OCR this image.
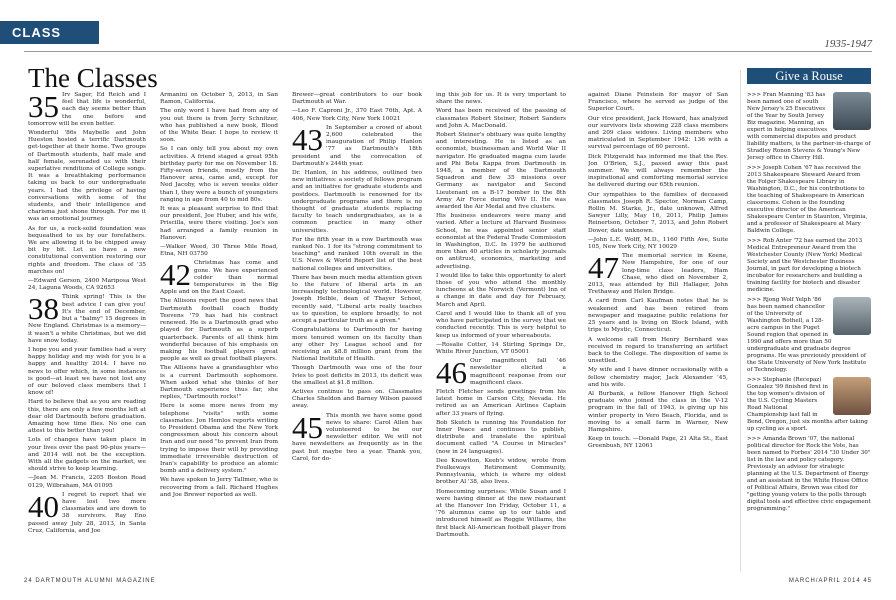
CLASS NOTES
1935-1947
The Classes

35 Irv Sager, Ed Reich and I feel that life is wonderful, each day seems better than the one before and tomorrow will be even better.

Wonderful '86s Maybelle and John Hueston hosted a terrific Dartmouth get-together at their home. Two groups of Dartmouth students, half male and half female, serenaded us with their superlative renditions of College songs. It was a breathtaking performance taking us back to our undergraduate years. I had the privilege of having conversations with some of the students, and their intelligence and charisma just shone through. For me it was an emotional journey.

As for us, a rock-solid foundation was bequeathed to us by our forefathers. We are allowing it to be chipped away bit by bit. Let us have a new constitutional convention restoring our rights and freedom. The class of '35 marches on!

—Edward Gerson, 2400 Mariposa West 24, Laguna Woods, CA 92653

38 Think spring! This is the best advice I can give you! It's the end of December, but a "balmy" 15 degrees in New England. Christmas is a memory—it wasn't a white Christmas, but we did have snow today.

I hope you and your families had a very happy holiday and my wish for you is a happy and healthy 2014. I have no news to offer which, in some instances is good—at least we have not lost any of our beloved class members that I know of!

Hard to believe that as you are reading this, there are only a few months left at dear old Dartmouth before graduation. Amazing how time flies. No one can attest to this better than you!

Lots of changes have taken place in your lives over the past 90-plus years—and 2014 will not be the exception. With all the gadgets on the market, we should strive to keep learning.

—Jean M. Francis, 2205 Boston Road 0129, Wilbraham, MA 01095

40 I regret to report that we have lost two more classmates and are down to 38 survivors. Ray Eno passed away July 28, 2013, in Santa Cruz, California, and Joe

Armanini on October 5, 2013, in San Ramon, California.

The only word I have had from any of you out there is from Jerry Schnitzer, who has published a new book, Blood of the White Bear. I hope to review it soon.

So I can only tell you about my own activities. A friend staged a great 95th birthday party for me on November 18. Fifty-seven friends, mostly from the Hanover area, came and, except for Ned Jacoby, who is seven weeks older than I, they were a bunch of youngsters ranging in age from 40 to mid 80s.

It was a pleasant surprise to find that our president, Joe Huber, and his wife, Priscilla, were there visiting. Joe's son had arranged a family reunion in Hanover.

—Walker Weed, 30 Three Mile Road, Etna, NH 03750

42 Christmas has come and gone. We have experienced colder than normal temperatures in the Big Apple and on the East Coast.

The Allisons report the good news that Dartmouth football coach Buddy Teevens '79 has had his contract renewed. He is a Dartmouth grad who played for Dartmouth as a superb quarterback. Parents of all think him wonderful because of his emphasis on making his football players great people as well as great football players.

The Allisons have a grandaughter who is a current Dartmouth sophomore. When asked what she thinks of her Dartmouth experience thus far, she replies, "Dartmouth rocks!"

Here is some more news from my telephone "visits" with some classmates. Jon Hemlos reports writing to President Obama and the New York congressmen about his concern about Iran and our need "to prevent Iran from trying to impose their will by providing immediate irreversible destruction of Iran's capability to produce an atomic bomb and a delivery system."

We have spoken to Jerry Tallmer, who is recovering from a fall. Richard Hughes and Joe Brewer reported as well.

Brewer—great contributors to our book Dartmouth at War.

—Leo F. Caproni Jr., 370 East 76th, Apt. A 406, New York City, New York 10021

43 In September a crowd of about 2,600 celebrated the inauguration of Philip Hanlon '77 as Dartmouth's 18th president and the convocation of Dartmouth's 244th year.

Dr. Hanlon, in his address, outlined two new initiatives: a society of fellows program and an initiative for graduate students and postdocs. Dartmouth is renowned for its undergraduate programs and there is no thought of graduate students replacing faculty to teach undergraduates, as is a common practice in many other universities.

For the fifth year in a row Dartmouth was ranked No. 1 for its "strong commitment to teaching" and ranked 10th overall in the U.S. News & World Report list of the best national colleges and universities.

There has been much media attention given to the future of liberal arts in an increasingly technological world. However, Joseph Helble, dean of Thayer School, recently said, "Liberal arts really teaches us to question, to explore broadly, to not accept a particular truth as a given."

Congratulations to Dartmouth for having more tenured women on its faculty than any other Ivy League school and for receiving an $8.8 million grant from the National Institute of Health.

Though Dartmouth was one of the four Ivies to post deficits in 2013, its deficit was the smallest at $1.8 million.

Actives continue to pass on. Classmates Charles Sheldon and Barney Wilson passed away.

45 This month we have some good news to share: Carol Allen has volunteered to be our newsletter editor. We will not have newsletters as frequently as in the past but maybe two a year. Thank you, Carol, for do-

ing this job for us. It is very important to share the news.

Word has been received of the passing of classmates Robert Steiner, Robert Sanders and John A. MacDonald.

Robert Steiner's obituary was quite lengthy and interesting. He is listed as an economist, businessman and World War II navigator. He graduated magna cum laude and Phi Beta Kappa from Dartmouth in 1948, a member of the Dartmouth Squadron and flew 35 missions over Germany as navigator and Second Lieutenant on a B-17 bomber in the 8th Army Air Force during WW II. He was awarded the Air Medal and five clusters.

His business endeavors were many and varied. After a lecture at Harvard Business School, he was appointed senior staff economist at the Federal Trade Commission in Washington, D.C. In 1979 he authored more than 40 articles in scholarly journals on antitrust, economics, marketing and advertising.

I would like to take this opportunity to alert those of you who attend the monthly luncheons at the Norwich (Vermont) Inn of a change in date and day for February, March and April.

Carol and I would like to thank all of you who have participated in the survey that we conducted recently. This is very helpful to keep us informed of your whereabouts.

—Rosalie Cotter, 14 Stirling Springs Dr., White River Junction, VT 05001

46 Our magnificent fall '46 newsletter elicited a magnificent response from our magnificent class.

Fletch Fletcher sends greetings from his latest home in Carson City, Nevada. He retired as an American Airlines Captain after 33 years of flying.

Bob Skutch is running his Foundation for Inner Peace and continues to publish, distribute and translate the spiritual document called "A Course in Miracles" (now in 24 languages).

Dee Knowlton, Keeb's widow, wrote from Foulkeways Retirement Community, Pennsylvania, which is where my oldest brother Al '38, also lives.

Homecoming surprises: While Susan and I were having dinner at the new restaurant at the Hanover Inn Friday, October 11, a '76 alumnus came up to our table and introduced himself as Reggie Williams, the first black All-American football player from Dartmouth.

against Diane Feinstein for mayor of San Francisco, where he served as judge of the Superior Court.

Our vice president, Jack Howard, has analyzed our survivors lists showing 228 class members and 209 class widows. Living members who matriculated in September 1942: 136 with a survival percentage of 60 percent.

Dick Fitzgerald has informed me that the Rev. Jon O'Brien, S.J., passed away this past summer. We will always remember the inspirational and comforting memorial service he delivered during our 65th reunion.

Our sympathies to the families of deceased classmates Joseph R. Spector, Norman Camp, Rollin M. Starke, Jr., date unknown, Alfred Sawyer Lilly, May 16, 2011, Philip James Reinertson, October 7, 2013, and John Robert Dower, date unknown.

—John L.E. Wolff, M.D., 1160 Fifth Ave, Suite 105, New York City, NY 10029

47 The memorial service in Keene, New Hampshire, for one of our long-time class leaders, Ham Chase, who died on November 2, 2013, was attended by Bill Hallager, John Trethaway and Helen Bridge.

A card from Carl Kaufman notes that he is weakened and has been retired from newspaper and magazine public relations for 25 years and is living on Block Island, with trips to Mystic, Connecticut.

A welcome call from Henry Bernhard was received in regard to transferring an artifact back to the College. The disposition of same is unsettled.

My wife and I have dinner occasionally with a fellow chemistry major, Jack Alexander '45, and his wife.

Al Burbank, a fellow Hanover High School graduate who joined the class in the V-12 program in the fall of 1943, is giving up his winter property in Vero Beach, Florida, and is moving to a small farm in Warner, New Hampshire.

Keep in touch. —Donald Page, 21 Alta St., East Greenbush, NY 12061

Give a Rouse

>>> Fran Manning '83 has been named one of south New Jersey's 25 Executives of the Year by South Jersey Biz magazine. Manning, an expert in helping executives with commercial disputes and product liability matters, is the partner-in-charge of Stradley Ronon Stevens & Young's New Jersey office in Cherry Hill.

>>> Joseph Cohen '67 has received the 2013 Shakespeare Steward Award from the Folger Shakespeare Library in Washington, D.C., for his contributions to the teaching of Shakespeare in American classrooms. Cohen is the founding executive director of the American Shakespeare Center in Staunton, Virginia, and a professor of Shakespeare at Mary Baldwin College.

>>> Rob Anter '72 has earned the 2013 Medical Entrepreneur Award from the Westchester County (New York) Medical Society and the Westchester Business Journal, in part for developing a biotech incubator for researchers and building a training facility for biotech and disaster medicine.

>>> Rjong Wolf Yelph '86 has been named chancellor of the University of Washington Bothell, a 128-acre campus in the Puget Sound region that opened in 1990 and offers more than 50 undergraduate and graduate degree programs. He was previously president of the State University of New York Institute of Technology.

>>> Stephanie (Recepaz) Gonzalez '99 finished first in the top women's division of the U.S. Cycling Masters Road National Championship last fall in Bend, Oregon, just six months after taking up cycling as a sport.

>>> Amanda Brown '07, the national political director for Rock the Vote, has been named to Forbes' 2014 "30 Under 30" list in the law and policy category. Previously an advisor for strategic planning at the U.S. Department of Energy and an assistant in the White House Office of Political Affairs, Brown was cited for "getting young voters to the polls through digital tools and effective civic engagement programming."

24 DARTMOUTH ALUMNI MAGAZINE	MARCH/APRIL 2014 45
